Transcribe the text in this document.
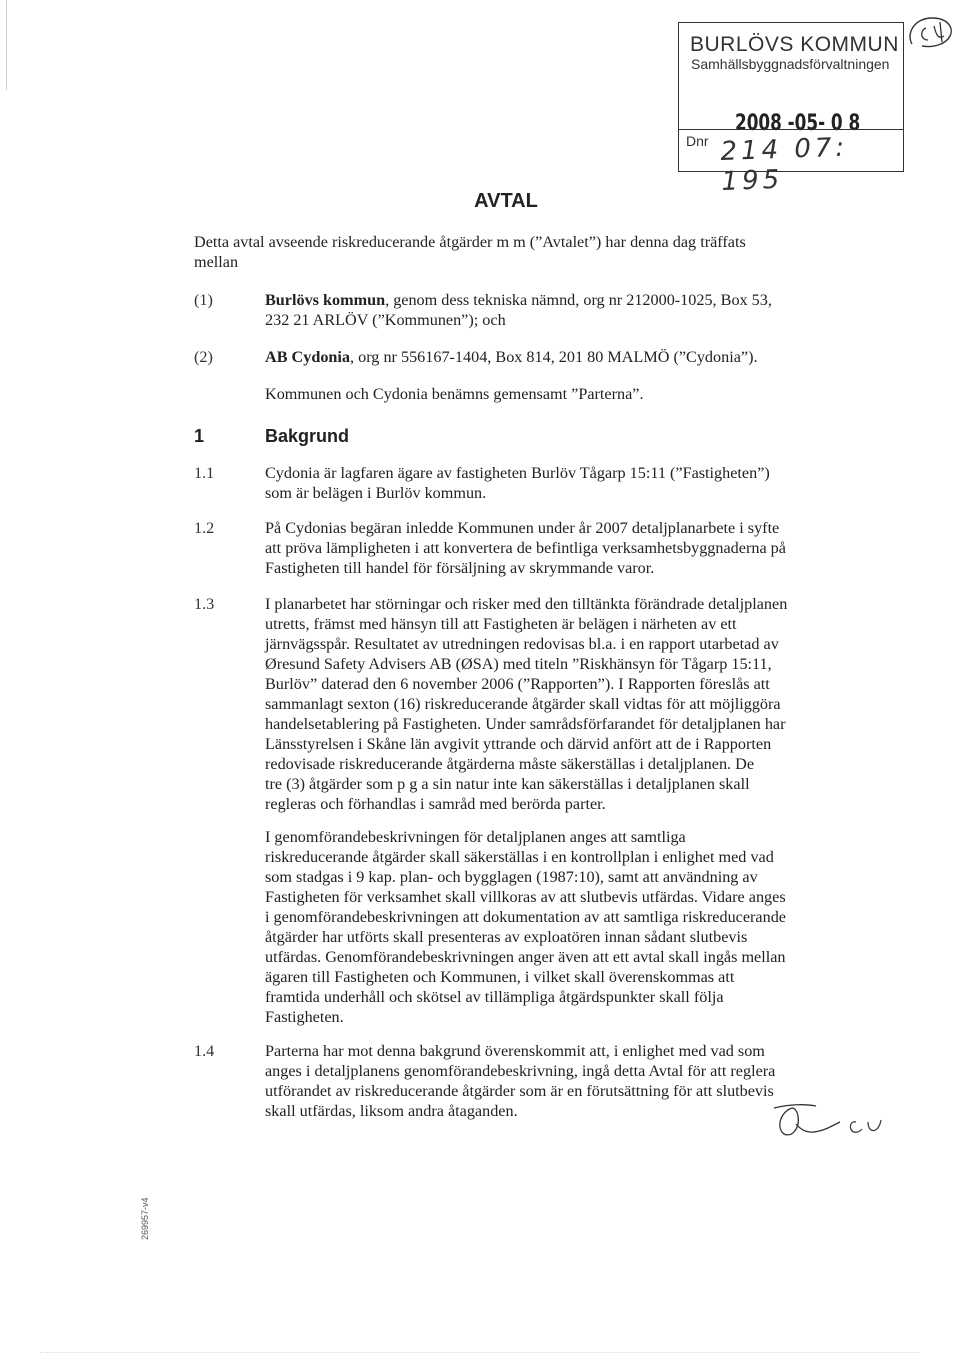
BURLÖVS KOMMUN
Samhällsbyggnadsförvaltningen
2008 -05- 0 8
Dnr 214 07: 195
AVTAL
Detta avtal avseende riskreducerande åtgärder m m (”Avtalet”) har denna dag träffats
mellan
(1)	Burlövs kommun, genom dess tekniska nämnd, org nr 212000-1025, Box 53,
232 21 ARLÖV (”Kommunen”); och
(2)	AB Cydonia, org nr 556167-1404, Box 814, 201 80 MALMÖ (”Cydonia”).
Kommunen och Cydonia benämns gemensamt ”Parterna”.
1	Bakgrund
1.1	Cydonia är lagfaren ägare av fastigheten Burlöv Tågarp 15:11 (”Fastigheten”)
som är belägen i Burlöv kommun.
1.2	På Cydonias begäran inledde Kommunen under år 2007 detaljplanarbete i syfte
att pröva lämpligheten i att konvertera de befintliga verksamhetsbyggnaderna på
Fastigheten till handel för försäljning av skrymmande varor.
1.3	I planarbetet har störningar och risker med den tilltänkta förändrade detaljplanen
utretts, främst med hänsyn till att Fastigheten är belägen i närheten av ett
järnvägsspår. Resultatet av utredningen redovisas bl.a. i en rapport utarbetad av
Øresund Safety Advisers AB (ØSA) med titeln ”Riskhänsyn för Tågarp 15:11,
Burlöv” daterad den 6 november 2006 (”Rapporten”). I Rapporten föreslås att
sammanlagt sexton (16) riskreducerande åtgärder skall vidtas för att möjliggöra
handelsetablering på Fastigheten. Under samrådsförfarandet för detaljplanen har
Länsstyrelsen i Skåne län avgivit yttrande och därvid anfört att de i Rapporten
redovisade riskreducerande åtgärderna måste säkerställas i detaljplanen. De
tre (3) åtgärder som p g a sin natur inte kan säkerställas i detaljplanen skall
regleras och förhandlas i samråd med berörda parter.
I genomförandebeskrivningen för detaljplanen anges att samtliga
riskreducerande åtgärder skall säkerställas i en kontrollplan i enlighet med vad
som stadgas i 9 kap. plan- och bygglagen (1987:10), samt att användning av
Fastigheten för verksamhet skall villkoras av att slutbevis utfärdas. Vidare anges
i genomförandebeskrivningen att dokumentation av att samtliga riskreducerande
åtgärder har utförts skall presenteras av exploatören innan sådant slutbevis
utfärdas. Genomförandebeskrivningen anger även att ett avtal skall ingås mellan
ägaren till Fastigheten och Kommunen, i vilket skall överenskommas att
framtida underhåll och skötsel av tillämpliga åtgärdspunkter skall följa
Fastigheten.
1.4	Parterna har mot denna bakgrund överenskommit att, i enlighet med vad som
anges i detaljplanens genomförandebeskrivning, ingå detta Avtal för att reglera
utförandet av riskreducerande åtgärder som är en förutsättning för att slutbevis
skall utfärdas, liksom andra åtaganden.
269957-v4
